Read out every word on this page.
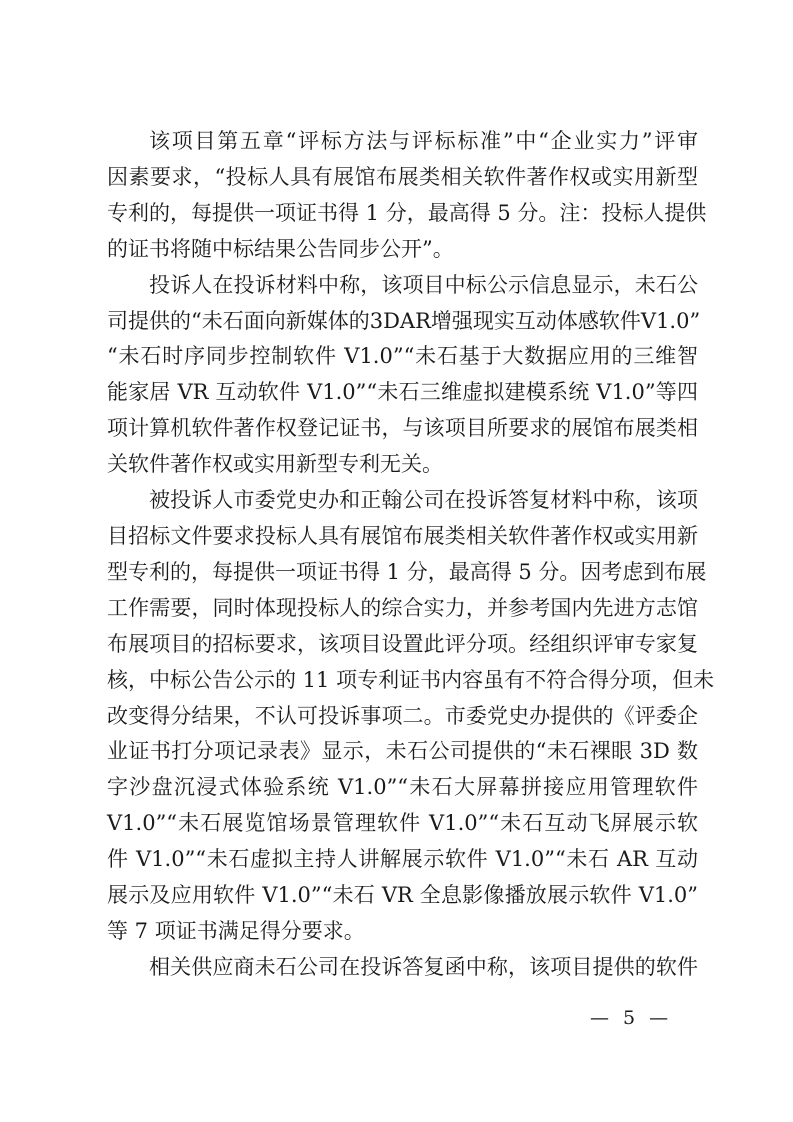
该项目第五章“评标方法与评标标准”中“企业实力”评审
因素要求，“投标人具有展馆布展类相关软件著作权或实用新型
专利的，每提供一项证书得 1 分，最高得 5 分。注：投标人提供
的证书将随中标结果公告同步公开”。
投诉人在投诉材料中称，该项目中标公示信息显示，未石公
司提供的“未石面向新媒体的3DAR增强现实互动体感软件V1.0”
“未石时序同步控制软件 V1.0”“未石基于大数据应用的三维智
能家居 VR 互动软件 V1.0”“未石三维虚拟建模系统 V1.0”等四
项计算机软件著作权登记证书，与该项目所要求的展馆布展类相
关软件著作权或实用新型专利无关。
被投诉人市委党史办和正翰公司在投诉答复材料中称，该项
目招标文件要求投标人具有展馆布展类相关软件著作权或实用新
型专利的，每提供一项证书得 1 分，最高得 5 分。因考虑到布展
工作需要，同时体现投标人的综合实力，并参考国内先进方志馆
布展项目的招标要求，该项目设置此评分项。经组织评审专家复
核，中标公告公示的 11 项专利证书内容虽有不符合得分项，但未
改变得分结果，不认可投诉事项二。市委党史办提供的《评委企
业证书打分项记录表》显示，未石公司提供的“未石裸眼 3D 数
字沙盘沉浸式体验系统 V1.0”“未石大屏幕拼接应用管理软件
V1.0”“未石展览馆场景管理软件 V1.0”“未石互动飞屏展示软
件 V1.0”“未石虚拟主持人讲解展示软件 V1.0”“未石 AR 互动
展示及应用软件 V1.0”“未石 VR 全息影像播放展示软件 V1.0”
等 7 项证书满足得分要求。
相关供应商未石公司在投诉答复函中称，该项目提供的软件
— 5 —
